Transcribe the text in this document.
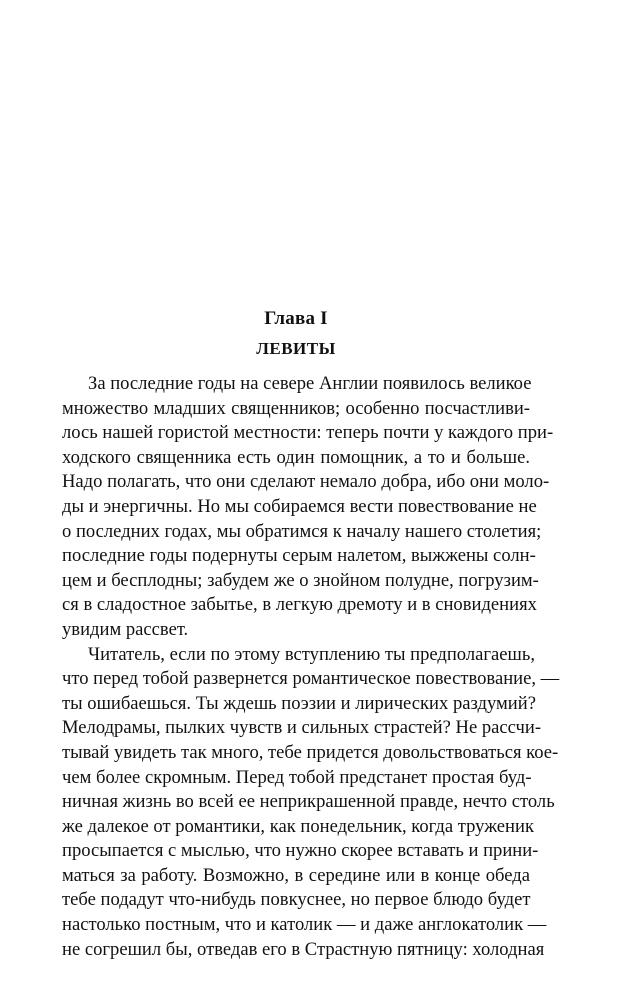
Глава I
ЛЕВИТЫ
За последние годы на севере Англии появилось великое
множество младших священников; особенно посчастливи-
лось нашей гористой местности: теперь почти у каждого при-
ходского священника есть один помощник, а то и больше.
Надо полагать, что они сделают немало добра, ибо они моло-
ды и энергичны. Но мы собираемся вести повествование не
о последних годах, мы обратимся к началу нашего столетия;
последние годы подернуты серым налетом, выжжены солн-
цем и бесплодны; забудем же о знойном полудне, погрузим-
ся в сладостное забытье, в легкую дремоту и в сновидениях
увидим рассвет.
Читатель, если по этому вступлению ты предполагаешь,
что перед тобой развернется романтическое повествование, —
ты ошибаешься. Ты ждешь поэзии и лирических раздумий?
Мелодрамы, пылких чувств и сильных страстей? Не рассчи-
тывай увидеть так много, тебе придется довольствоваться кое-
чем более скромным. Перед тобой предстанет простая буд-
ничная жизнь во всей ее неприкрашенной правде, нечто столь
же далекое от романтики, как понедельник, когда труженик
просыпается с мыслью, что нужно скорее вставать и прини-
маться за работу. Возможно, в середине или в конце обеда
тебе подадут что-нибудь повкуснее, но первое блюдо будет
настолько постным, что и католик — и даже англокатолик —
не согрешил бы, отведав его в Страстную пятницу: холодная
